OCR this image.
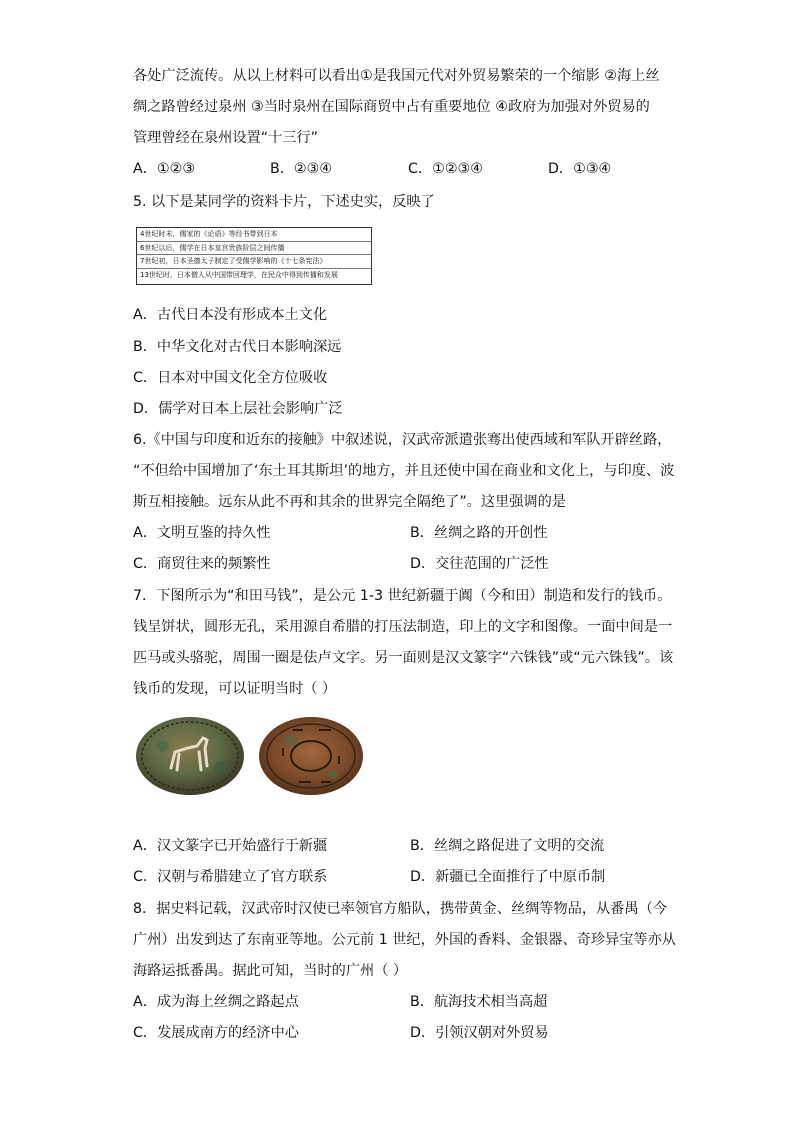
各处广泛流传。从以上材料可以看出①是我国元代对外贸易繁荣的一个缩影 ②海上丝
绸之路曾经过泉州 ③当时泉州在国际商贸中占有重要地位 ④政府为加强对外贸易的
管理曾经在泉州设置“十三行”
A．①②③	B．②③④	C．①②③④	D．①③④
5. 以下是某同学的资料卡片，下述史实，反映了
4世纪时末，儒家的《论语》等经书带到日本
6世纪以后，儒学在日本皇宫贵族阶层之间传播
7世纪初，日本圣德太子制定了受儒学影响的《十七条宪法》
13世纪时，日本僧人从中国带回理学，在民众中得到传播和发展
A．古代日本没有形成本土文化
B．中华文化对古代日本影响深远
C．日本对中国文化全方位吸收
D．儒学对日本上层社会影响广泛
6.《中国与印度和近东的接触》中叙述说，汉武帝派遣张骞出使西域和军队开辟丝路，
“不但给中国增加了‘东土耳其斯坦’的地方，并且还使中国在商业和文化上，与印度、波
斯互相接触。远东从此不再和其余的世界完全隔绝了”。这里强调的是
A．文明互鉴的持久性	B．丝绸之路的开创性
C．商贸往来的频繁性	D．交往范围的广泛性
7．下图所示为“和田马钱”，是公元 1-3 世纪新疆于阗（今和田）制造和发行的钱币。
钱呈饼状，圆形无孔，采用源自希腊的打压法制造，印上的文字和图像。一面中间是一
匹马或头骆驼，周围一圈是佉卢文字。另一面则是汉文篆字“六铢钱”或“元六铢钱”。该
钱币的发现，可以证明当时（ ）
A．汉文篆字已开始盛行于新疆	B．丝绸之路促进了文明的交流
C．汉朝与希腊建立了官方联系	D．新疆已全面推行了中原币制
8．据史料记载，汉武帝时汉使已率领官方船队，携带黄金、丝绸等物品，从番禺（今
广州）出发到达了东南亚等地。公元前 1 世纪，外国的香料、金银器、奇珍异宝等亦从
海路运抵番禺。据此可知，当时的广州（ ）
A．成为海上丝绸之路起点	B．航海技术相当高超
C．发展成南方的经济中心	D．引领汉朝对外贸易
